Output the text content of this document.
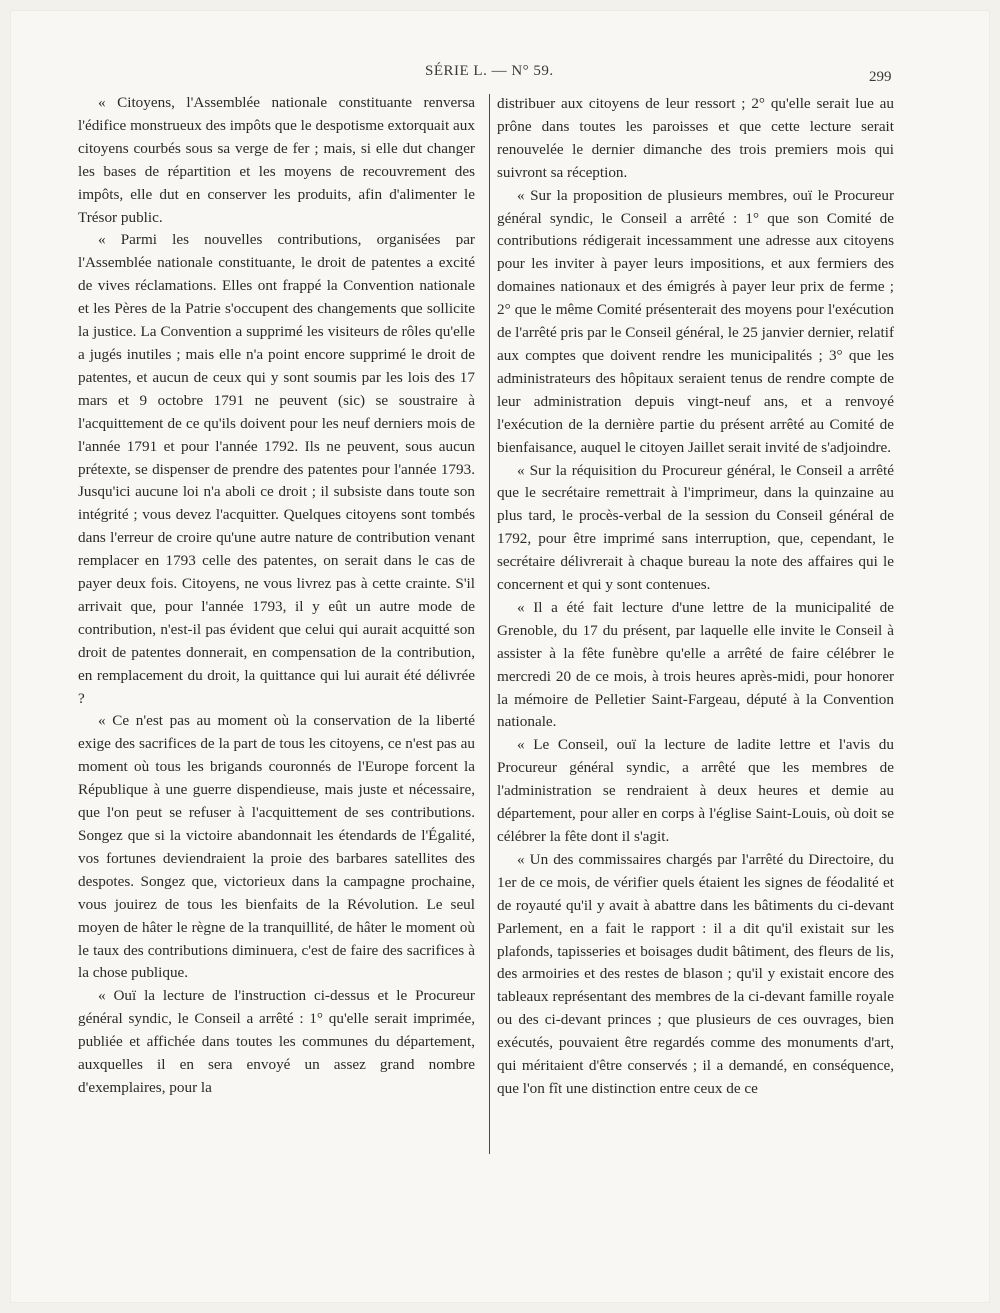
SÉRIE L. — N° 59.	299

« Citoyens, l'Assemblée nationale constituante renversa l'édifice monstrueux des impôts que le despotisme extorquait aux citoyens courbés sous sa verge de fer ; mais, si elle dut changer les bases de répartition et les moyens de recouvrement des impôts, elle dut en conserver les produits, afin d'alimenter le Trésor public.

« Parmi les nouvelles contributions, organisées par l'Assemblée nationale constituante, le droit de patentes a excité de vives réclamations. Elles ont frappé la Convention nationale et les Pères de la Patrie s'occupent des changements que sollicite la justice. La Convention a supprimé les visiteurs de rôles qu'elle a jugés inutiles ; mais elle n'a point encore supprimé le droit de patentes, et aucun de ceux qui y sont soumis par les lois des 17 mars et 9 octobre 1791 ne peuvent (sic) se soustraire à l'acquittement de ce qu'ils doivent pour les neuf derniers mois de l'année 1791 et pour l'année 1792. Ils ne peuvent, sous aucun prétexte, se dispenser de prendre des patentes pour l'année 1793. Jusqu'ici aucune loi n'a aboli ce droit ; il subsiste dans toute son intégrité ; vous devez l'acquitter. Quelques citoyens sont tombés dans l'erreur de croire qu'une autre nature de contribution venant remplacer en 1793 celle des patentes, on serait dans le cas de payer deux fois. Citoyens, ne vous livrez pas à cette crainte. S'il arrivait que, pour l'année 1793, il y eût un autre mode de contribution, n'est-il pas évident que celui qui aurait acquitté son droit de patentes donnerait, en compensation de la contribution, en remplacement du droit, la quittance qui lui aurait été délivrée ?

« Ce n'est pas au moment où la conservation de la liberté exige des sacrifices de la part de tous les citoyens, ce n'est pas au moment où tous les brigands couronnés de l'Europe forcent la République à une guerre dispendieuse, mais juste et nécessaire, que l'on peut se refuser à l'acquittement de ses contributions. Songez que si la victoire abandonnait les étendards de l'Égalité, vos fortunes deviendraient la proie des barbares satellites des despotes. Songez que, victorieux dans la campagne prochaine, vous jouirez de tous les bienfaits de la Révolution. Le seul moyen de hâter le règne de la tranquillité, de hâter le moment où le taux des contributions diminuera, c'est de faire des sacrifices à la chose publique.

« Ouï la lecture de l'instruction ci-dessus et le Procureur général syndic, le Conseil a arrêté : 1° qu'elle serait imprimée, publiée et affichée dans toutes les communes du département, auxquelles il en sera envoyé un assez grand nombre d'exemplaires, pour la

distribuer aux citoyens de leur ressort ; 2° qu'elle serait lue au prône dans toutes les paroisses et que cette lecture serait renouvelée le dernier dimanche des trois premiers mois qui suivront sa réception.

« Sur la proposition de plusieurs membres, ouï le Procureur général syndic, le Conseil a arrêté : 1° que son Comité de contributions rédigerait incessamment une adresse aux citoyens pour les inviter à payer leurs impositions, et aux fermiers des domaines nationaux et des émigrés à payer leur prix de ferme ; 2° que le même Comité présenterait des moyens pour l'exécution de l'arrêté pris par le Conseil général, le 25 janvier dernier, relatif aux comptes que doivent rendre les municipalités ; 3° que les administrateurs des hôpitaux seraient tenus de rendre compte de leur administration depuis vingt-neuf ans, et a renvoyé l'exécution de la dernière partie du présent arrêté au Comité de bienfaisance, auquel le citoyen Jaillet serait invité de s'adjoindre.

« Sur la réquisition du Procureur général, le Conseil a arrêté que le secrétaire remettrait à l'imprimeur, dans la quinzaine au plus tard, le procès-verbal de la session du Conseil général de 1792, pour être imprimé sans interruption, que, cependant, le secrétaire délivrerait à chaque bureau la note des affaires qui le concernent et qui y sont contenues.

« Il a été fait lecture d'une lettre de la municipalité de Grenoble, du 17 du présent, par laquelle elle invite le Conseil à assister à la fête funèbre qu'elle a arrêté de faire célébrer le mercredi 20 de ce mois, à trois heures après-midi, pour honorer la mémoire de Pelletier Saint-Fargeau, député à la Convention nationale.

« Le Conseil, ouï la lecture de ladite lettre et l'avis du Procureur général syndic, a arrêté que les membres de l'administration se rendraient à deux heures et demie au département, pour aller en corps à l'église Saint-Louis, où doit se célébrer la fête dont il s'agit.

« Un des commissaires chargés par l'arrêté du Directoire, du 1er de ce mois, de vérifier quels étaient les signes de féodalité et de royauté qu'il y avait à abattre dans les bâtiments du ci-devant Parlement, en a fait le rapport : il a dit qu'il existait sur les plafonds, tapisseries et boisages dudit bâtiment, des fleurs de lis, des armoiries et des restes de blason ; qu'il y existait encore des tableaux représentant des membres de la ci-devant famille royale ou des ci-devant princes ; que plusieurs de ces ouvrages, bien exécutés, pouvaient être regardés comme des monuments d'art, qui méritaient d'être conservés ; il a demandé, en conséquence, que l'on fît une distinction entre ceux de ce
